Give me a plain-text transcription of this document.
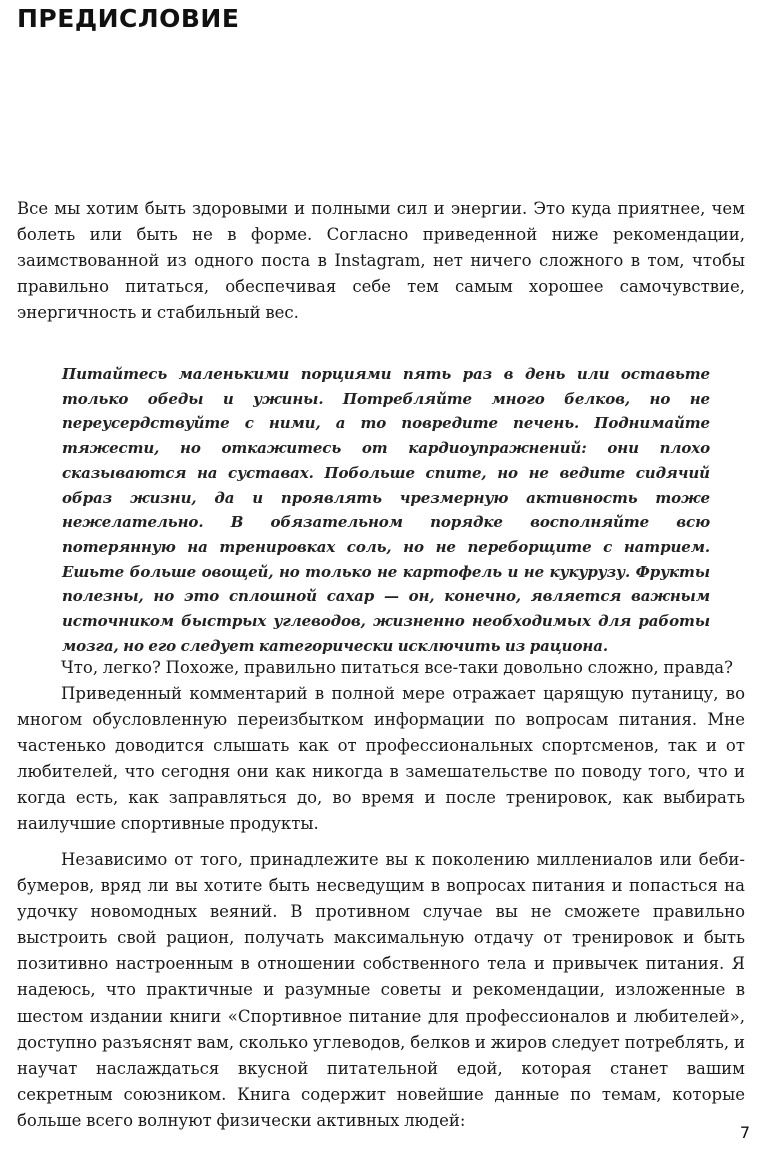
ПРЕДИСЛОВИЕ

Все мы хотим быть здоровыми и полными сил и энергии. Это куда приятнее, чем болеть или быть не в форме. Согласно приведенной ниже рекомендации, заимствованной из одного поста в Instagram, нет ничего сложного в том, чтобы правильно питаться, обеспечивая себе тем самым хорошее самочувствие, энергичность и стабильный вес.

Питайтесь маленькими порциями пять раз в день или оставьте только обеды и ужины. Потребляйте много белков, но не переусердствуйте с ними, а то повредите печень. Поднимайте тяжести, но откажитесь от кардиоупражнений: они плохо сказываются на суставах. Побольше спите, но не ведите сидячий образ жизни, да и проявлять чрезмерную активность тоже нежелательно. В обязательном порядке восполняйте всю потерянную на тренировках соль, но не переборщите с натрием. Ешьте больше овощей, но только не картофель и не кукурузу. Фрукты полезны, но это сплошной сахар — он, конечно, является важным источником быстрых углеводов, жизненно необходимых для работы мозга, но его следует категорически исключить из рациона.

Что, легко? Похоже, правильно питаться все-таки довольно сложно, правда?

Приведенный комментарий в полной мере отражает царящую путаницу, во многом обусловленную переизбытком информации по вопросам питания. Мне частенько доводится слышать как от профессиональных спортсменов, так и от любителей, что сегодня они как никогда в замешательстве по поводу того, что и когда есть, как заправляться до, во время и после тренировок, как выбирать наилучшие спортивные продукты.

Независимо от того, принадлежите вы к поколению миллениалов или беби-бумеров, вряд ли вы хотите быть несведущим в вопросах питания и попасться на удочку новомодных веяний. В противном случае вы не сможете правильно выстроить свой рацион, получать максимальную отдачу от тренировок и быть позитивно настроенным в отношении собственного тела и привычек питания. Я надеюсь, что практичные и разумные советы и рекомендации, изложенные в шестом издании книги «Спортивное питание для профессионалов и любителей», доступно разъяснят вам, сколько углеводов, белков и жиров следует потреблять, и научат наслаждаться вкусной питательной едой, которая станет вашим секретным союзником. Книга содержит новейшие данные по темам, которые больше всего волнуют физически активных людей:

7
